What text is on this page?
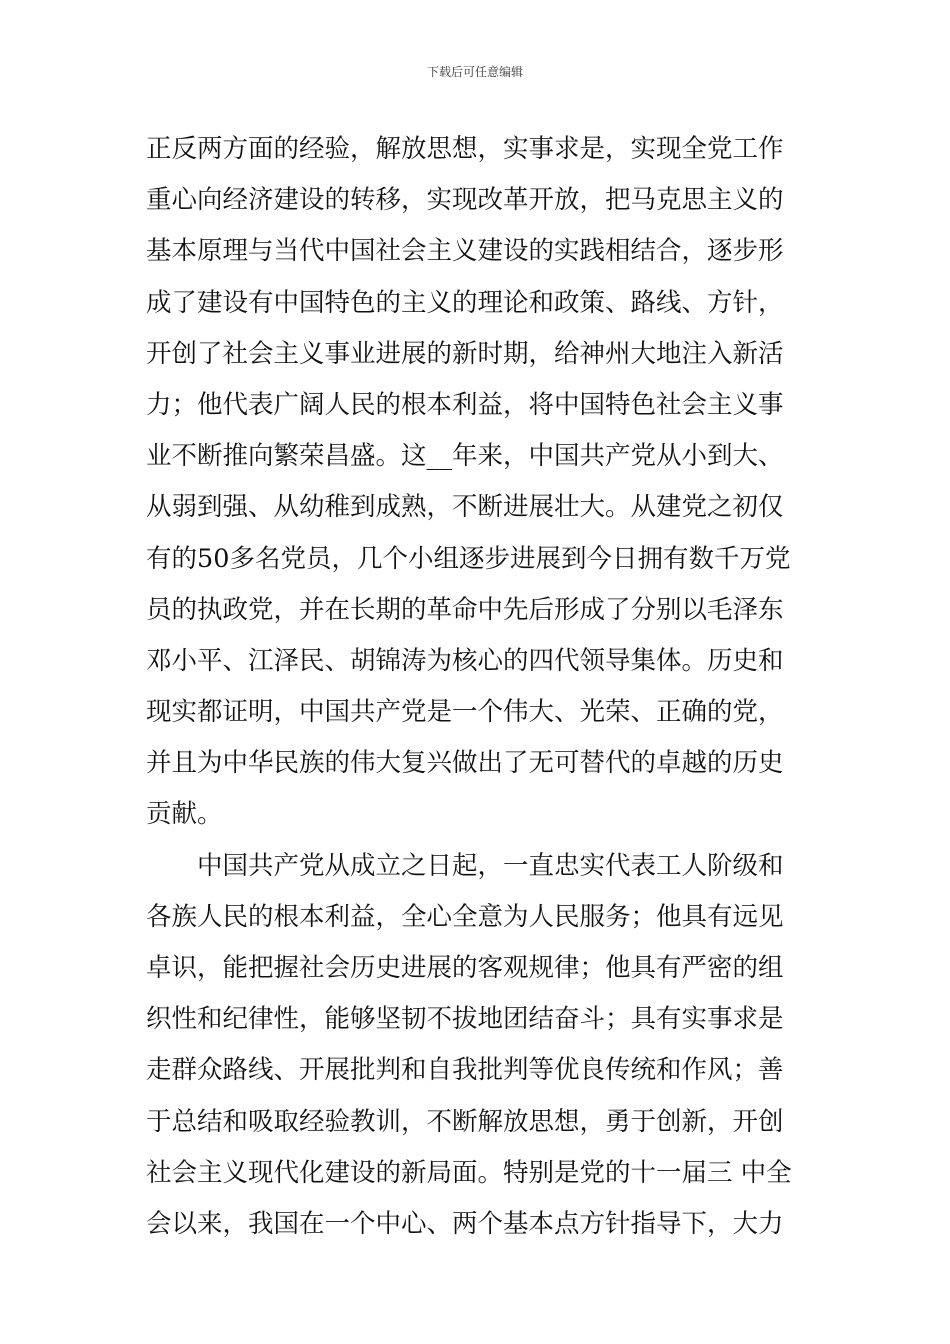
下载后可任意编辑
正反两方面的经验，解放思想，实事求是，实现全党工作
重心向经济建设的转移，实现改革开放，把马克思主义的
基本原理与当代中国社会主义建设的实践相结合，逐步形
成了建设有中国特色的主义的理论和政策、路线、方针，
开创了社会主义事业进展的新时期，给神州大地注入新活
力；他代表广阔人民的根本利益，将中国特色社会主义事
业不断推向繁荣昌盛。这__年来，中国共产党从小到大、
从弱到强、从幼稚到成熟，不断进展壮大。从建党之初仅
有的50多名党员，几个小组逐步进展到今日拥有数千万党
员的执政党，并在长期的革命中先后形成了分别以毛泽东
邓小平、江泽民、胡锦涛为核心的四代领导集体。历史和
现实都证明，中国共产党是一个伟大、光荣、正确的党，
并且为中华民族的伟大复兴做出了无可替代的卓越的历史
贡献。
　　中国共产党从成立之日起，一直忠实代表工人阶级和
各族人民的根本利益，全心全意为人民服务；他具有远见
卓识，能把握社会历史进展的客观规律；他具有严密的组
织性和纪律性，能够坚韧不拔地团结奋斗；具有实事求是
走群众路线、开展批判和自我批判等优良传统和作风；善
于总结和吸取经验教训，不断解放思想，勇于创新，开创
社会主义现代化建设的新局面。特别是党的十一届三 中全
会以来，我国在一个中心、两个基本点方针指导下，大力
